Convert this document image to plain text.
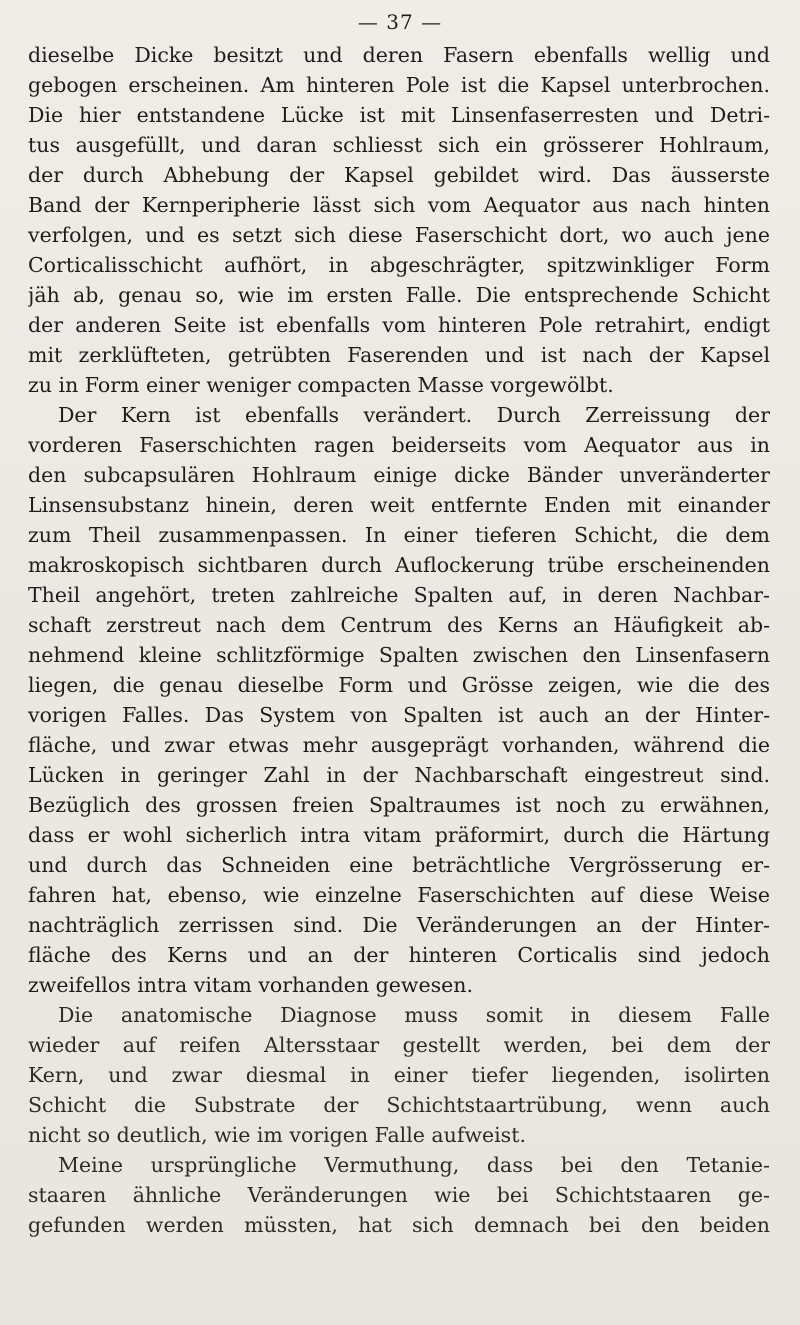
— 37 —
dieselbe Dicke besitzt und deren Fasern ebenfalls wellig und
gebogen erscheinen. Am hinteren Pole ist die Kapsel unterbrochen.
Die hier entstandene Lücke ist mit Linsenfaserresten und Detri-
tus ausgefüllt, und daran schliesst sich ein grösserer Hohlraum,
der durch Abhebung der Kapsel gebildet wird. Das äusserste
Band der Kernperipherie lässt sich vom Aequator aus nach hinten
verfolgen, und es setzt sich diese Faserschicht dort, wo auch jene
Corticalisschicht aufhört, in abgeschrägter, spitzwinkliger Form
jäh ab, genau so, wie im ersten Falle. Die entsprechende Schicht
der anderen Seite ist ebenfalls vom hinteren Pole retrahirt, endigt
mit zerklüfteten, getrübten Faserenden und ist nach der Kapsel
zu in Form einer weniger compacten Masse vorgewölbt.
Der Kern ist ebenfalls verändert. Durch Zerreissung der
vorderen Faserschichten ragen beiderseits vom Aequator aus in
den subcapsulären Hohlraum einige dicke Bänder unveränderter
Linsensubstanz hinein, deren weit entfernte Enden mit einander
zum Theil zusammenpassen. In einer tieferen Schicht, die dem
makroskopisch sichtbaren durch Auflockerung trübe erscheinenden
Theil angehört, treten zahlreiche Spalten auf, in deren Nachbar-
schaft zerstreut nach dem Centrum des Kerns an Häufigkeit ab-
nehmend kleine schlitzförmige Spalten zwischen den Linsenfasern
liegen, die genau dieselbe Form und Grösse zeigen, wie die des
vorigen Falles. Das System von Spalten ist auch an der Hinter-
fläche, und zwar etwas mehr ausgeprägt vorhanden, während die
Lücken in geringer Zahl in der Nachbarschaft eingestreut sind.
Bezüglich des grossen freien Spaltraumes ist noch zu erwähnen,
dass er wohl sicherlich intra vitam präformirt, durch die Härtung
und durch das Schneiden eine beträchtliche Vergrösserung er-
fahren hat, ebenso, wie einzelne Faserschichten auf diese Weise
nachträglich zerrissen sind. Die Veränderungen an der Hinter-
fläche des Kerns und an der hinteren Corticalis sind jedoch
zweifellos intra vitam vorhanden gewesen.
Die anatomische Diagnose muss somit in diesem Falle
wieder auf reifen Altersstaar gestellt werden, bei dem der
Kern, und zwar diesmal in einer tiefer liegenden, isolirten
Schicht die Substrate der Schichtstaartrübung, wenn auch
nicht so deutlich, wie im vorigen Falle aufweist.
Meine ursprüngliche Vermuthung, dass bei den Tetanie-
staaren ähnliche Veränderungen wie bei Schichtstaaren ge-
gefunden werden müssten, hat sich demnach bei den beiden
